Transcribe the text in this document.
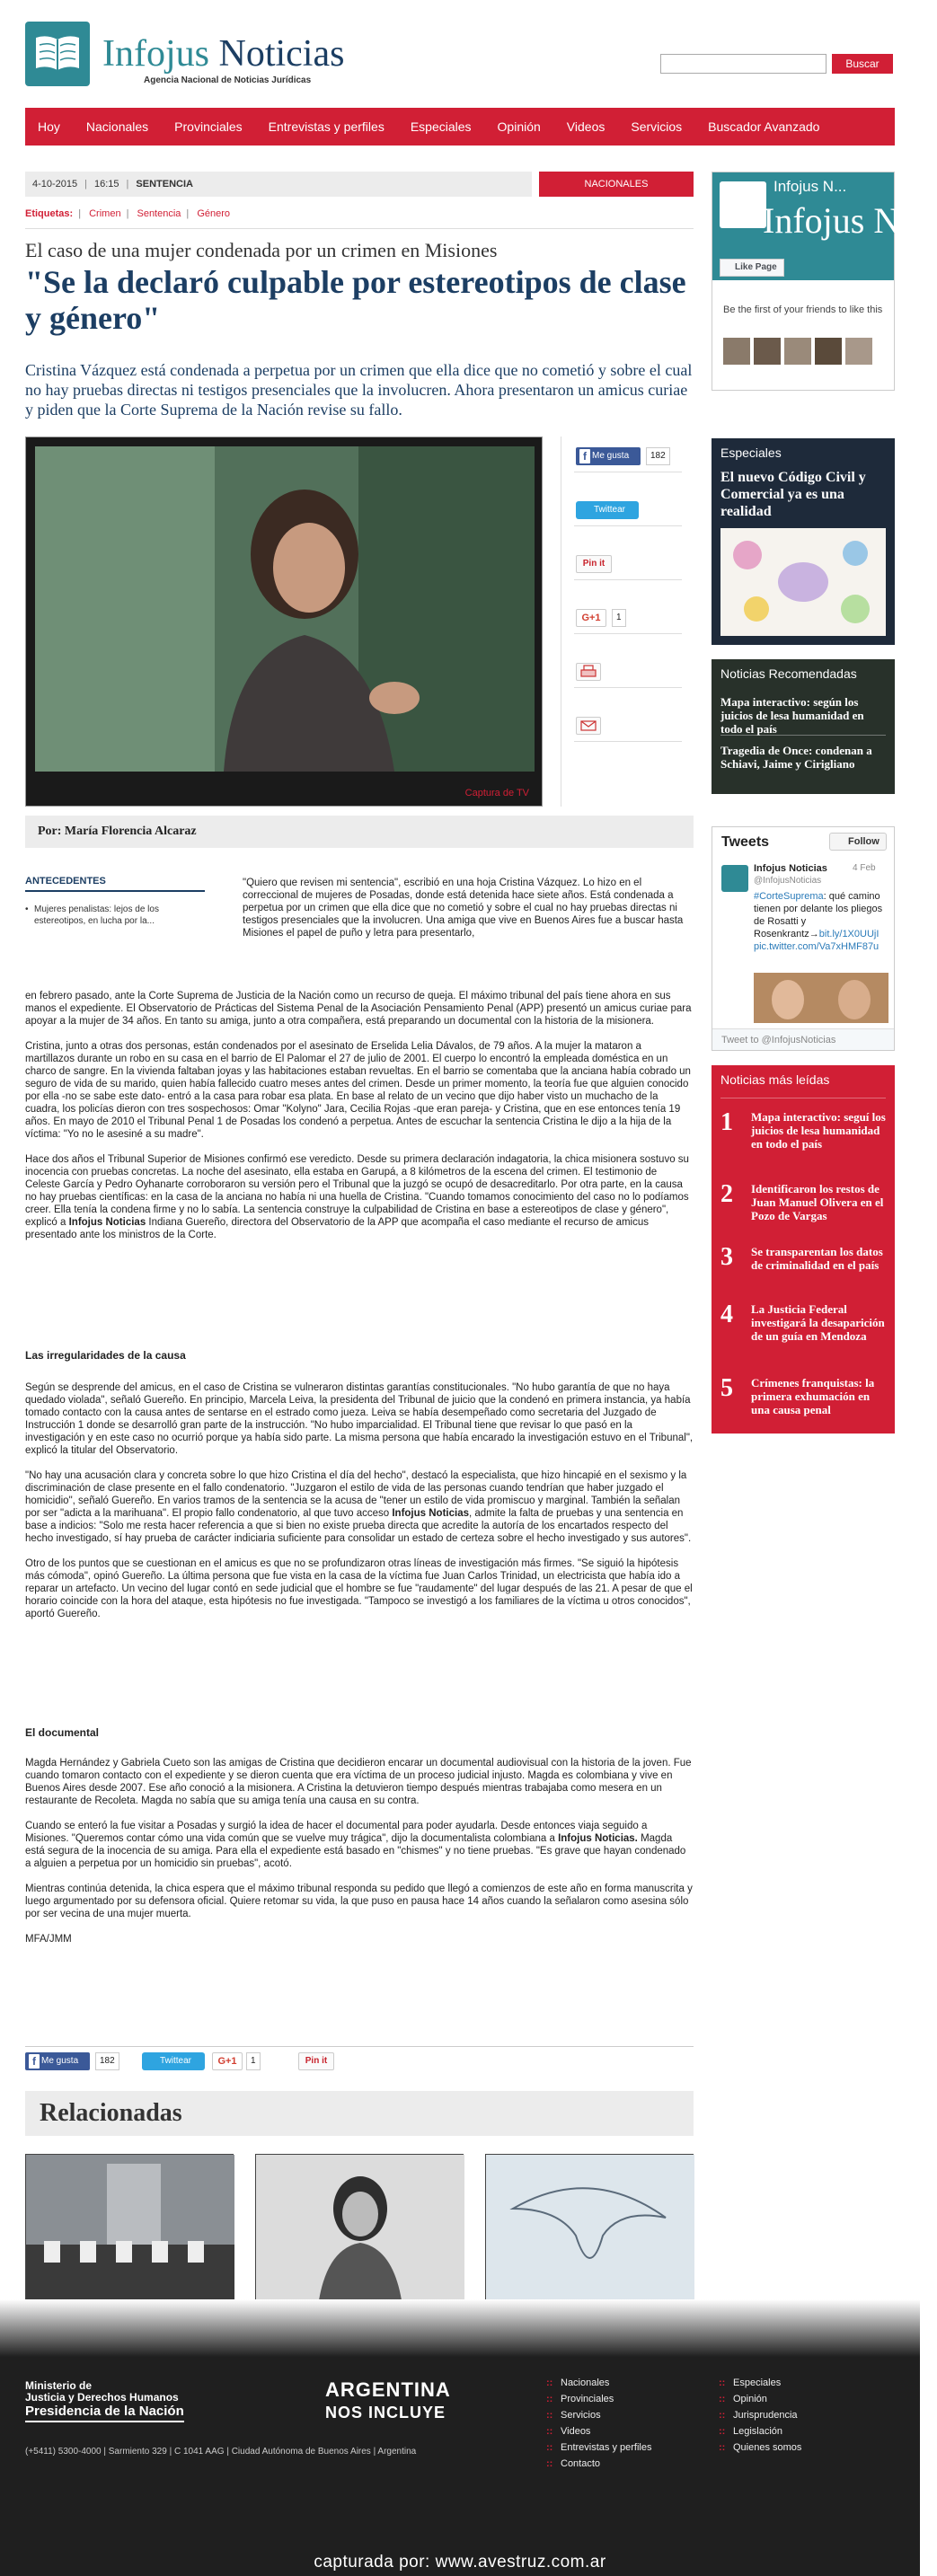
Infojus Noticias
Agencia Nacional de Noticias Jurídicas
Buscar
Hoy Nacionales Provinciales Entrevistas y perfiles Especiales Opinión Videos Servicios Buscador Avanzado
4-10-2015 | 16:15 | SENTENCIA	NACIONALES
Etiquetas: | Crimen | Sentencia | Género
El caso de una mujer condenada por un crimen en Misiones
"Se la declaró culpable por estereotipos de clase y género"
Cristina Vázquez está condenada a perpetua por un crimen que ella dice que no cometió y sobre el cual no hay pruebas directas ni testigos presenciales que la involucren. Ahora presentaron un amicus curiae y piden que la Corte Suprema de la Nación revise su fallo.
Captura de TV
f Me gusta	182
Twittear
Pin it
G+1	1
Por: María Florencia Alcaraz
ANTECEDENTES
• Mujeres penalistas: lejos de los estereotipos, en lucha por la...
"Quiero que revisen mi sentencia", escribió en una hoja Cristina Vázquez. Lo hizo en el correccional de mujeres de Posadas, donde está detenida hace siete años. Está condenada a perpetua por un crimen que ella dice que no cometió y sobre el cual no hay pruebas directas ni testigos presenciales que la involucren. Una amiga que vive en Buenos Aires fue a buscar hasta Misiones el papel de puño y letra para presentarlo,

en febrero pasado, ante la Corte Suprema de Justicia de la Nación como un recurso de queja. El máximo tribunal del país tiene ahora en sus manos el expediente. El Observatorio de Prácticas del Sistema Penal de la Asociación Pensamiento Penal (APP) presentó un amicus curiae para apoyar a la mujer de 34 años. En tanto su amiga, junto a otra compañera, está preparando un documental con la historia de la misionera.

Cristina, junto a otras dos personas, están condenados por el asesinato de Erselida Lelia Dávalos, de 79 años. A la mujer la mataron a martillazos durante un robo en su casa en el barrio de El Palomar el 27 de julio de 2001. El cuerpo lo encontró la empleada doméstica en un charco de sangre. En la vivienda faltaban joyas y las habitaciones estaban revueltas. En el barrio se comentaba que la anciana había cobrado un seguro de vida de su marido, quien había fallecido cuatro meses antes del crimen. Desde un primer momento, la teoría fue que alguien conocido por ella -no se sabe este dato- entró a la casa para robar esa plata. En base al relato de un vecino que dijo haber visto un muchacho de la cuadra, los policías dieron con tres sospechosos: Omar "Kolyno" Jara, Cecilia Rojas -que eran pareja- y Cristina, que en ese entonces tenía 19 años. En mayo de 2010 el Tribunal Penal 1 de Posadas los condenó a perpetua. Antes de escuchar la sentencia Cristina le dijo a la hija de la víctima: "Yo no le asesiné a su madre".

Hace dos años el Tribunal Superior de Misiones confirmó ese veredicto. Desde su primera declaración indagatoria, la chica misionera sostuvo su inocencia con pruebas concretas. La noche del asesinato, ella estaba en Garupá, a 8 kilómetros de la escena del crimen. El testimonio de Celeste García y Pedro Oyhanarte corroboraron su versión pero el Tribunal que la juzgó se ocupó de desacreditarlo. Por otra parte, en la causa no hay pruebas científicas: en la casa de la anciana no había ni una huella de Cristina. "Cuando tomamos conocimiento del caso no lo podíamos creer. Ella tenía la condena firme y no lo sabía. La sentencia construye la culpabilidad de Cristina en base a estereotipos de clase y género", explicó a Infojus Noticias Indiana Guereño, directora del Observatorio de la APP que acompaña el caso mediante el recurso de amicus presentado ante los ministros de la Corte.

Las irregularidades de la causa

Según se desprende del amicus, en el caso de Cristina se vulneraron distintas garantías constitucionales. "No hubo garantía de que no haya quedado violada", señaló Guereño. En principio, Marcela Leiva, la presidenta del Tribunal de juicio que la condenó en primera instancia, ya había tomado contacto con la causa antes de sentarse en el estrado como jueza. Leiva se había desempeñado como secretaria del Juzgado de Instrucción 1 donde se desarrolló gran parte de la instrucción. "No hubo imparcialidad. El Tribunal tiene que revisar lo que pasó en la investigación y en este caso no ocurrió porque ya había sido parte. La misma persona que había encarado la investigación estuvo en el Tribunal", explicó la titular del Observatorio.

"No hay una acusación clara y concreta sobre lo que hizo Cristina el día del hecho", destacó la especialista, que hizo hincapié en el sexismo y la discriminación de clase presente en el fallo condenatorio. "Juzgaron el estilo de vida de las personas cuando tendrían que haber juzgado el homicidio", señaló Guereño. En varios tramos de la sentencia se la acusa de "tener un estilo de vida promiscuo y marginal. También la señalan por ser "adicta a la marihuana". El propio fallo condenatorio, al que tuvo acceso Infojus Noticias, admite la falta de pruebas y una sentencia en base a indicios: "Solo me resta hacer referencia a que si bien no existe prueba directa que acredite la autoría de los encartados respecto del hecho investigado, sí hay prueba de carácter indiciaria suficiente para consolidar un estado de certeza sobre el hecho investigado y sus autores".

Otro de los puntos que se cuestionan en el amicus es que no se profundizaron otras líneas de investigación más firmes. "Se siguió la hipótesis más cómoda", opinó Guereño. La última persona que fue vista en la casa de la víctima fue Juan Carlos Trinidad, un electricista que había ido a reparar un artefacto. Un vecino del lugar contó en sede judicial que el hombre se fue "raudamente" del lugar después de las 21. A pesar de que el horario coincide con la hora del ataque, esta hipótesis no fue investigada. "Tampoco se investigó a los familiares de la víctima u otros conocidos", aportó Guereño.

El documental

Magda Hernández y Gabriela Cueto son las amigas de Cristina que decidieron encarar un documental audiovisual con la historia de la joven. Fue cuando tomaron contacto con el expediente y se dieron cuenta que era víctima de un proceso judicial injusto. Magda es colombiana y vive en Buenos Aires desde 2007. Ese año conoció a la misionera. A Cristina la detuvieron tiempo después mientras trabajaba como mesera en un restaurante de Recoleta. Magda no sabía que su amiga tenía una causa en su contra.

Cuando se enteró la fue visitar a Posadas y surgió la idea de hacer el documental para poder ayudarla. Desde entonces viaja seguido a Misiones. "Queremos contar cómo una vida común que se vuelve muy trágica", dijo la documentalista colombiana a Infojus Noticias. Magda está segura de la inocencia de su amiga. Para ella el expediente está basado en "chismes" y no tiene pruebas. "Es grave que hayan condenado a alguien a perpetua por un homicidio sin pruebas", acotó.

Mientras continúa detenida, la chica espera que el máximo tribunal responda su pedido que llegó a comienzos de este año en forma manuscrita y luego argumentado por su defensora oficial. Quiere retomar su vida, la que puso en pausa hace 14 años cuando la señalaron como asesina sólo por ser vecina de una mujer muerta.

MFA/JMM

f Me gusta	182	Twittear	G+1	1	Pin it
Relacionadas
Infojus N...
Infojus Noti
Like Page
Be the first of your friends to like this
Especiales
El nuevo Código Civil y Comercial ya es una realidad
Noticias Recomendadas
Mapa interactivo: según los juicios de lesa humanidad en todo el país
Tragedia de Once: condenan a Schiavi, Jaime y Cirigliano
Tweets	Follow
Infojus Noticias	4 Feb
@InfojusNoticias
#CorteSuprema: qué camino tienen por delante los pliegos de Rosatti y Rosenkrantz→bit.ly/1X0UUjI pic.twitter.com/Va7xHMF87u
Tweet to @InfojusNoticias
Noticias más leídas
1 Mapa interactivo: seguí los juicios de lesa humanidad en todo el país
2 Identificaron los restos de Juan Manuel Olivera en el Pozo de Vargas
3 Se transparentan los datos de criminalidad en el país
4 La Justicia Federal investigará la desaparición de un guía en Mendoza
5 Crímenes franquistas: la primera exhumación en una causa penal
Ministerio de
Justicia y Derechos Humanos
Presidencia de la Nación
ARGENTINA
NOS INCLUYE
(+5411) 5300-4000 | Sarmiento 329 | C 1041 AAG | Ciudad Autónoma de Buenos Aires | Argentina
:: Nacionales
:: Provinciales
:: Servicios
:: Videos
:: Entrevistas y perfiles
:: Contacto
:: Especiales
:: Opinión
:: Jurisprudencia
:: Legislación
:: Quienes somos
capturada por: www.avestruz.com.ar
